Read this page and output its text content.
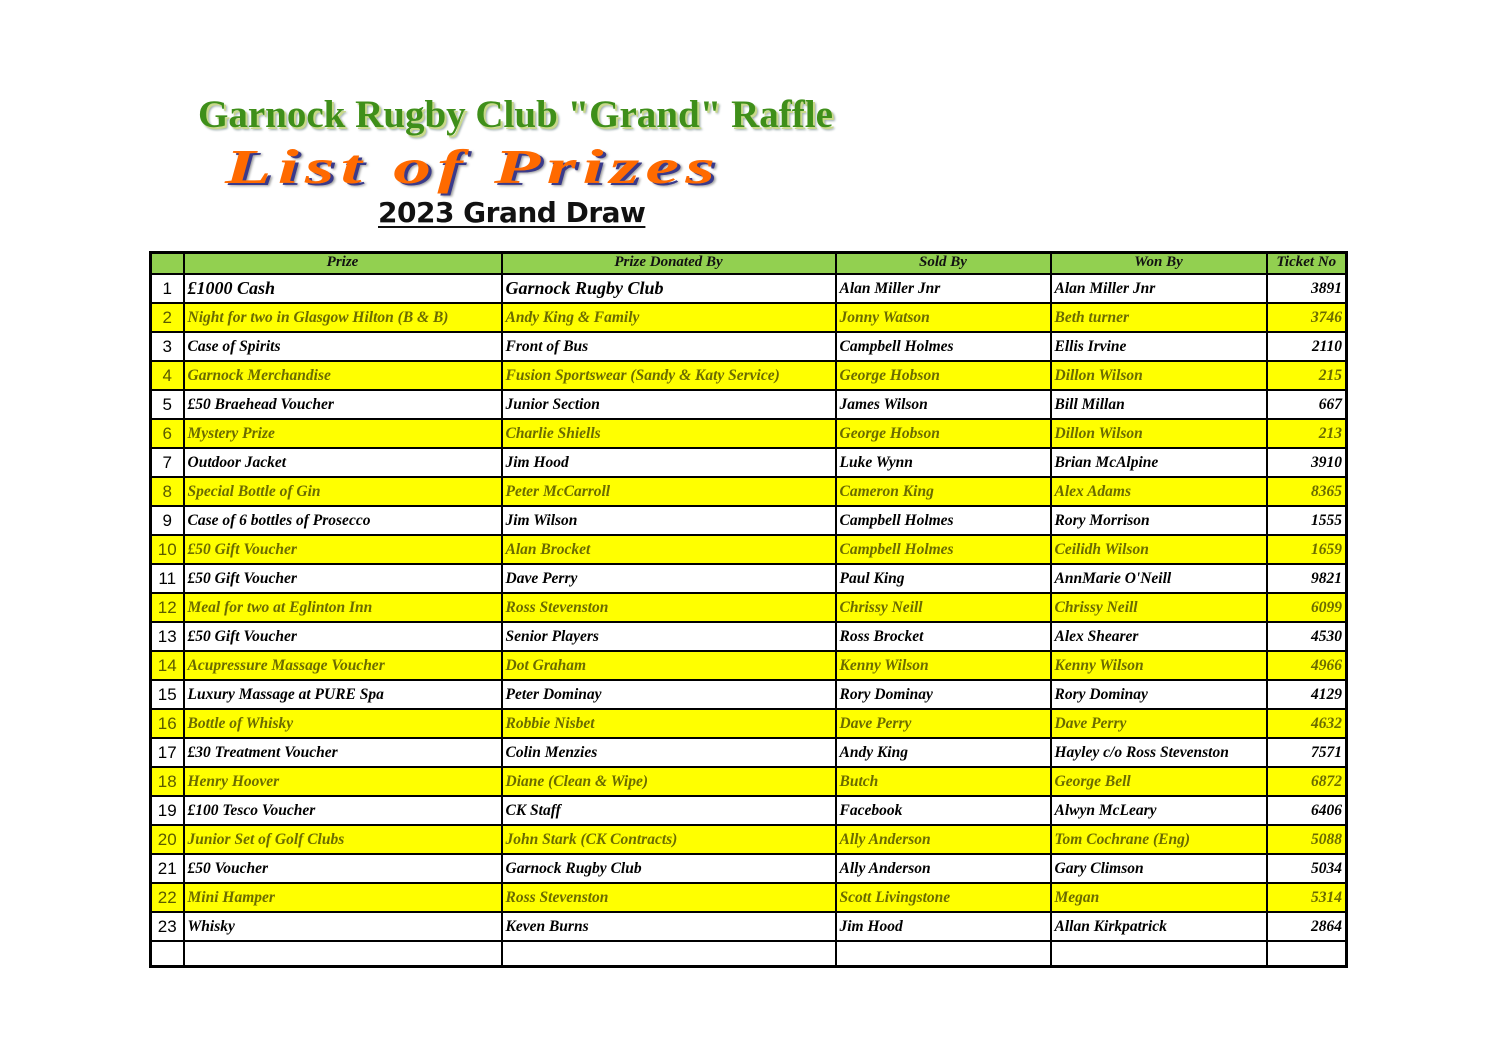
Garnock Rugby Club "Grand" Raffle
List of Prizes
2023 Grand Draw
	Prize	Prize Donated By	Sold By	Won By	Ticket No
1	£1000 Cash	Garnock Rugby Club	Alan Miller Jnr	Alan Miller Jnr	3891
2	Night for two in Glasgow Hilton (B & B)	Andy King & Family	Jonny Watson	Beth turner	3746
3	Case of Spirits	Front of Bus	Campbell Holmes	Ellis Irvine	2110
4	Garnock Merchandise	Fusion Sportswear (Sandy & Katy Service)	George Hobson	Dillon Wilson	215
5	£50 Braehead Voucher	Junior Section	James Wilson	Bill Millan	667
6	Mystery Prize	Charlie Shiells	George Hobson	Dillon Wilson	213
7	Outdoor Jacket	Jim Hood	Luke Wynn	Brian McAlpine	3910
8	Special Bottle of Gin	Peter McCarroll	Cameron King	Alex Adams	8365
9	Case of 6 bottles of Prosecco	Jim Wilson	Campbell Holmes	Rory Morrison	1555
10	£50 Gift Voucher	Alan Brocket	Campbell Holmes	Ceilidh Wilson	1659
11	£50 Gift Voucher	Dave Perry	Paul King	AnnMarie O'Neill	9821
12	Meal for two at Eglinton Inn	Ross Stevenston	Chrissy Neill	Chrissy Neill	6099
13	£50 Gift Voucher	Senior Players	Ross Brocket	Alex Shearer	4530
14	Acupressure Massage Voucher	Dot Graham	Kenny Wilson	Kenny Wilson	4966
15	Luxury Massage at PURE Spa	Peter Dominay	Rory Dominay	Rory Dominay	4129
16	Bottle of Whisky	Robbie Nisbet	Dave Perry	Dave Perry	4632
17	£30 Treatment Voucher	Colin Menzies	Andy King	Hayley c/o Ross Stevenston	7571
18	Henry Hoover	Diane (Clean & Wipe)	Butch	George Bell	6872
19	£100 Tesco Voucher	CK Staff	Facebook	Alwyn McLeary	6406
20	Junior Set of Golf Clubs	John Stark (CK Contracts)	Ally Anderson	Tom Cochrane (Eng)	5088
21	£50 Voucher	Garnock Rugby Club	Ally Anderson	Gary Climson	5034
22	Mini Hamper	Ross Stevenston	Scott Livingstone	Megan	5314
23	Whisky	Keven Burns	Jim Hood	Allan Kirkpatrick	2864
